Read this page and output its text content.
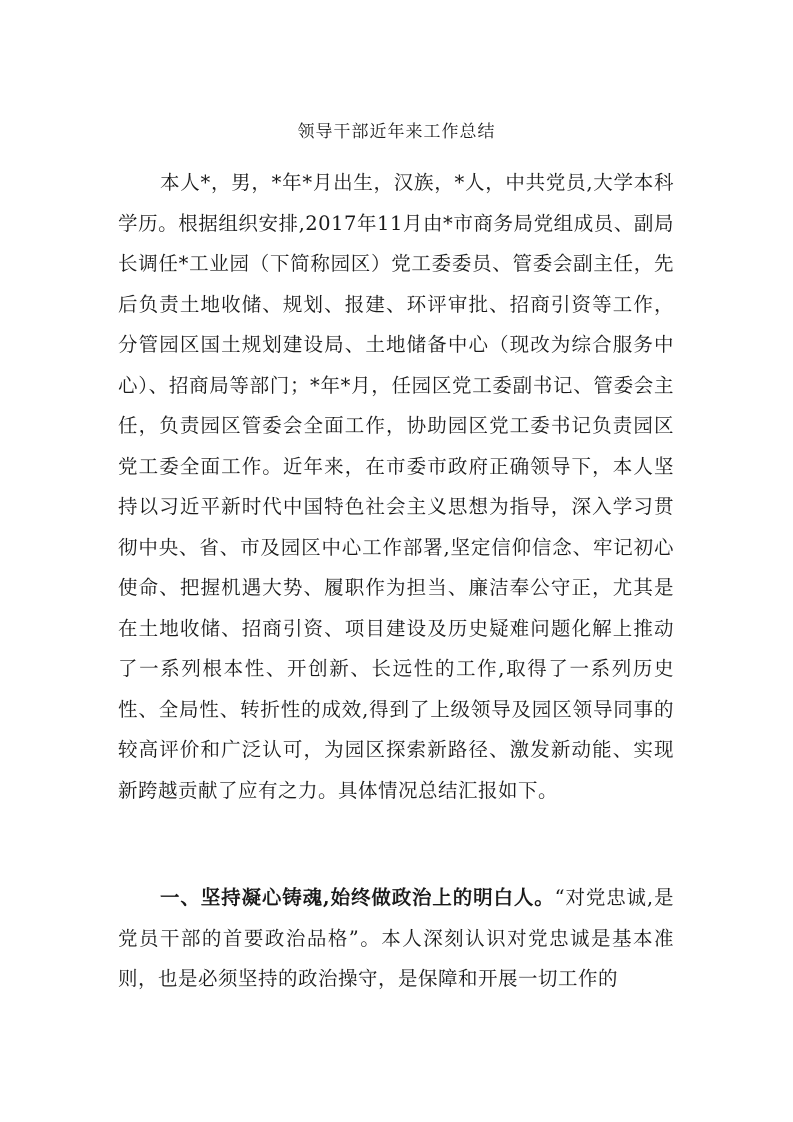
领导干部近年来工作总结
本人*，男，*年*月出生，汉族，*人，中共党员,大学本科学历。根据组织安排,2017年11月由*市商务局党组成员、副局长调任*工业园（下简称园区）党工委委员、管委会副主任，先后负责土地收储、规划、报建、环评审批、招商引资等工作，分管园区国土规划建设局、土地储备中心（现改为综合服务中心）、招商局等部门；*年*月，任园区党工委副书记、管委会主任，负责园区管委会全面工作，协助园区党工委书记负责园区党工委全面工作。近年来，在市委市政府正确领导下，本人坚持以习近平新时代中国特色社会主义思想为指导，深入学习贯彻中央、省、市及园区中心工作部署,坚定信仰信念、牢记初心使命、把握机遇大势、履职作为担当、廉洁奉公守正，尤其是在土地收储、招商引资、项目建设及历史疑难问题化解上推动了一系列根本性、开创新、长远性的工作,取得了一系列历史性、全局性、转折性的成效,得到了上级领导及园区领导同事的较高评价和广泛认可，为园区探索新路径、激发新动能、实现新跨越贡献了应有之力。具体情况总结汇报如下。
一、坚持凝心铸魂,始终做政治上的明白人。“对党忠诚,是党员干部的首要政治品格”。本人深刻认识对党忠诚是基本准则，也是必须坚持的政治操守，是保障和开展一切工作的
